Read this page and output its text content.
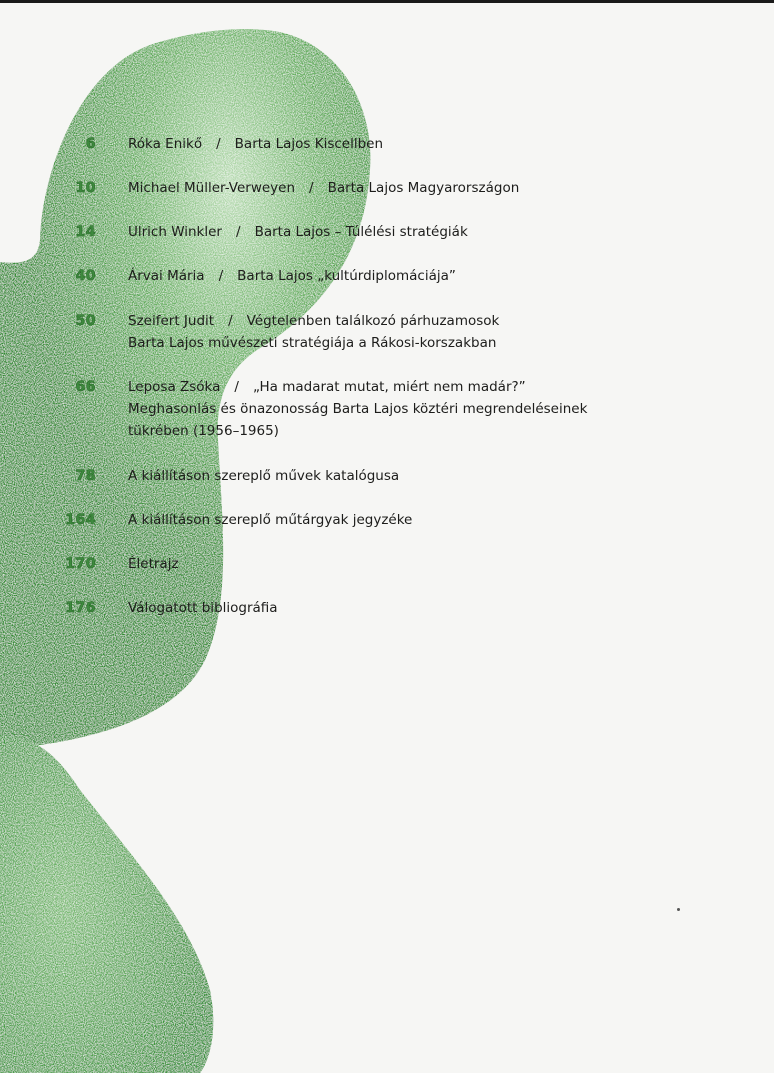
6 Róka Enikő / Barta Lajos Kiscellben
10 Michael Müller-Verweyen / Barta Lajos Magyarországon
14 Ulrich Winkler / Barta Lajos – Túlélési stratégiák
40 Árvai Mária / Barta Lajos „kultúrdiplomáciája”
50 Szeifert Judit / Végtelenben találkozó párhuzamosok
Barta Lajos művészeti stratégiája a Rákosi-korszakban
66 Leposa Zsóka / „Ha madarat mutat, miért nem madár?”
Meghasonlás és önazonosság Barta Lajos köztéri megrendeléseinek
tükrében (1956–1965)
78 A kiállításon szereplő művek katalógusa
164 A kiállításon szereplő műtárgyak jegyzéke
170 Életrajz
176 Válogatott bibliográfia
